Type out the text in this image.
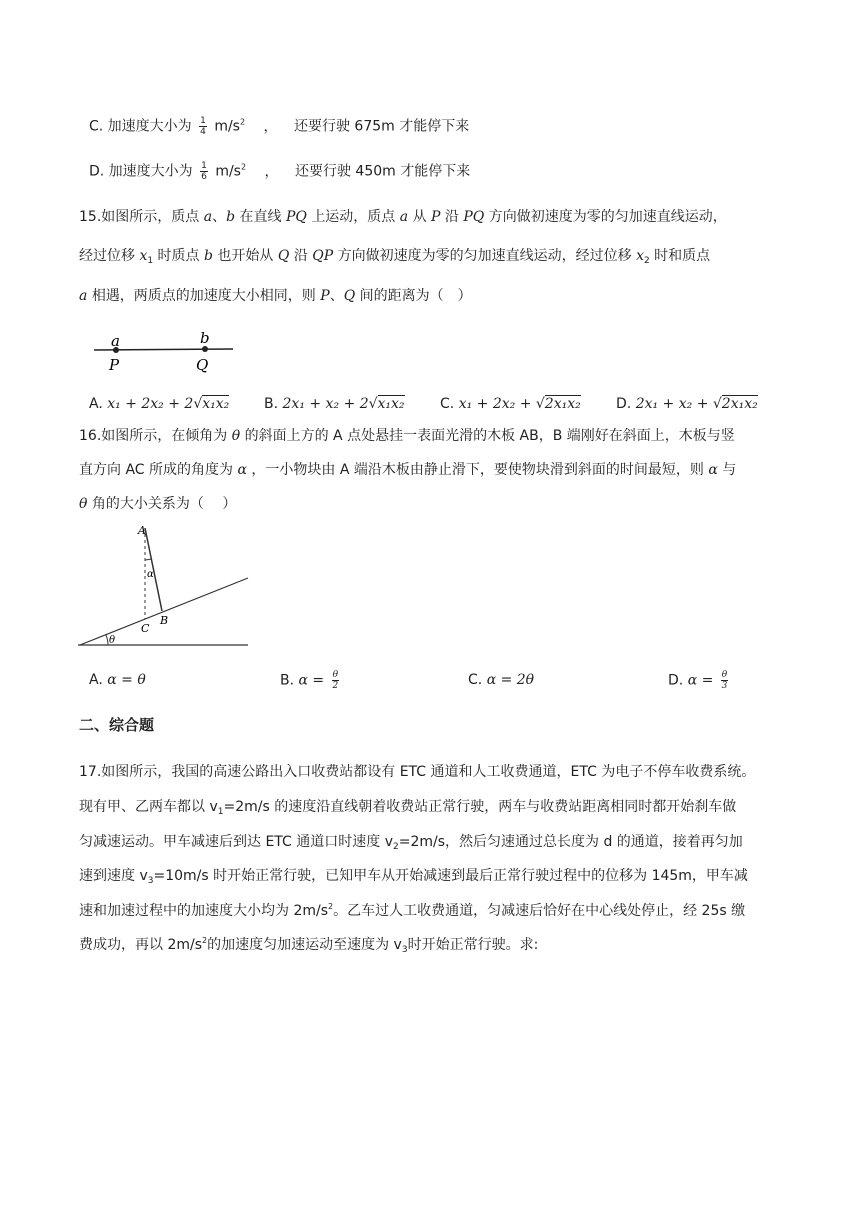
C. 加速度大小为 $\frac{1}{4} m/s^2$ ， 还要行驶 675m 才能停下来
D. 加速度大小为 $\frac{1}{6} m/s^2$ ， 还要行驶 450m 才能停下来
15.如图所示，质点 a、b 在直线 PQ 上运动，质点 a 从 P 沿 PQ 方向做初速度为零的匀加速直线运动，
经过位移 $x_1$ 时质点 b 也开始从 Q 沿 QP 方向做初速度为零的匀加速直线运动，经过位移 $x_2$ 时和质点
a 相遇，两质点的加速度大小相同，则 P、Q 间的距离为（　）
a	b
P	Q
A. x₁ + 2x₂ + 2√x₁x₂ B. 2x₁ + x₂ + 2√x₁x₂	C. x₁ + 2x₂ + √2x₁x₂	D. 2x₁ + x₂ + √2x₁x₂
16.如图所示，在倾角为 θ 的斜面上方的 A 点处悬挂一表面光滑的木板 AB，B 端刚好在斜面上，木板与竖
直方向 AC 所成的角度为 α ，一小物块由 A 端沿木板由静止滑下，要使物块滑到斜面的时间最短，则 α 与
θ 角的大小关系为（　 ）
A
α
C
B
θ
A. α = θ	B. $\alpha = \frac{\theta}{2}$	C. α = 2θ	D. $\alpha = \frac{\theta}{3}$
二、综合题
17.如图所示，我国的高速公路出入口收费站都设有 ETC 通道和人工收费通道，ETC 为电子不停车收费系统。
现有甲、乙两车都以 $v_1=2m/s$ 的速度沿直线朝着收费站正常行驶，两车与收费站距离相同时都开始刹车做
匀减速运动。甲车减速后到达 ETC 通道口时速度 $v_2=2m/s$，然后匀速通过总长度为 d 的通道，接着再匀加
速到速度 $v_3=10m/s$ 时开始正常行驶，已知甲车从开始减速到最后正常行驶过程中的位移为 145m，甲车减
速和加速过程中的加速度大小均为 $2m/s^2$。乙车过人工收费通道，匀减速后恰好在中心线处停止，经 25s 缴
费成功，再以 $2m/s^2$的加速度匀加速运动至速度为 $v_3$时开始正常行驶。求:
